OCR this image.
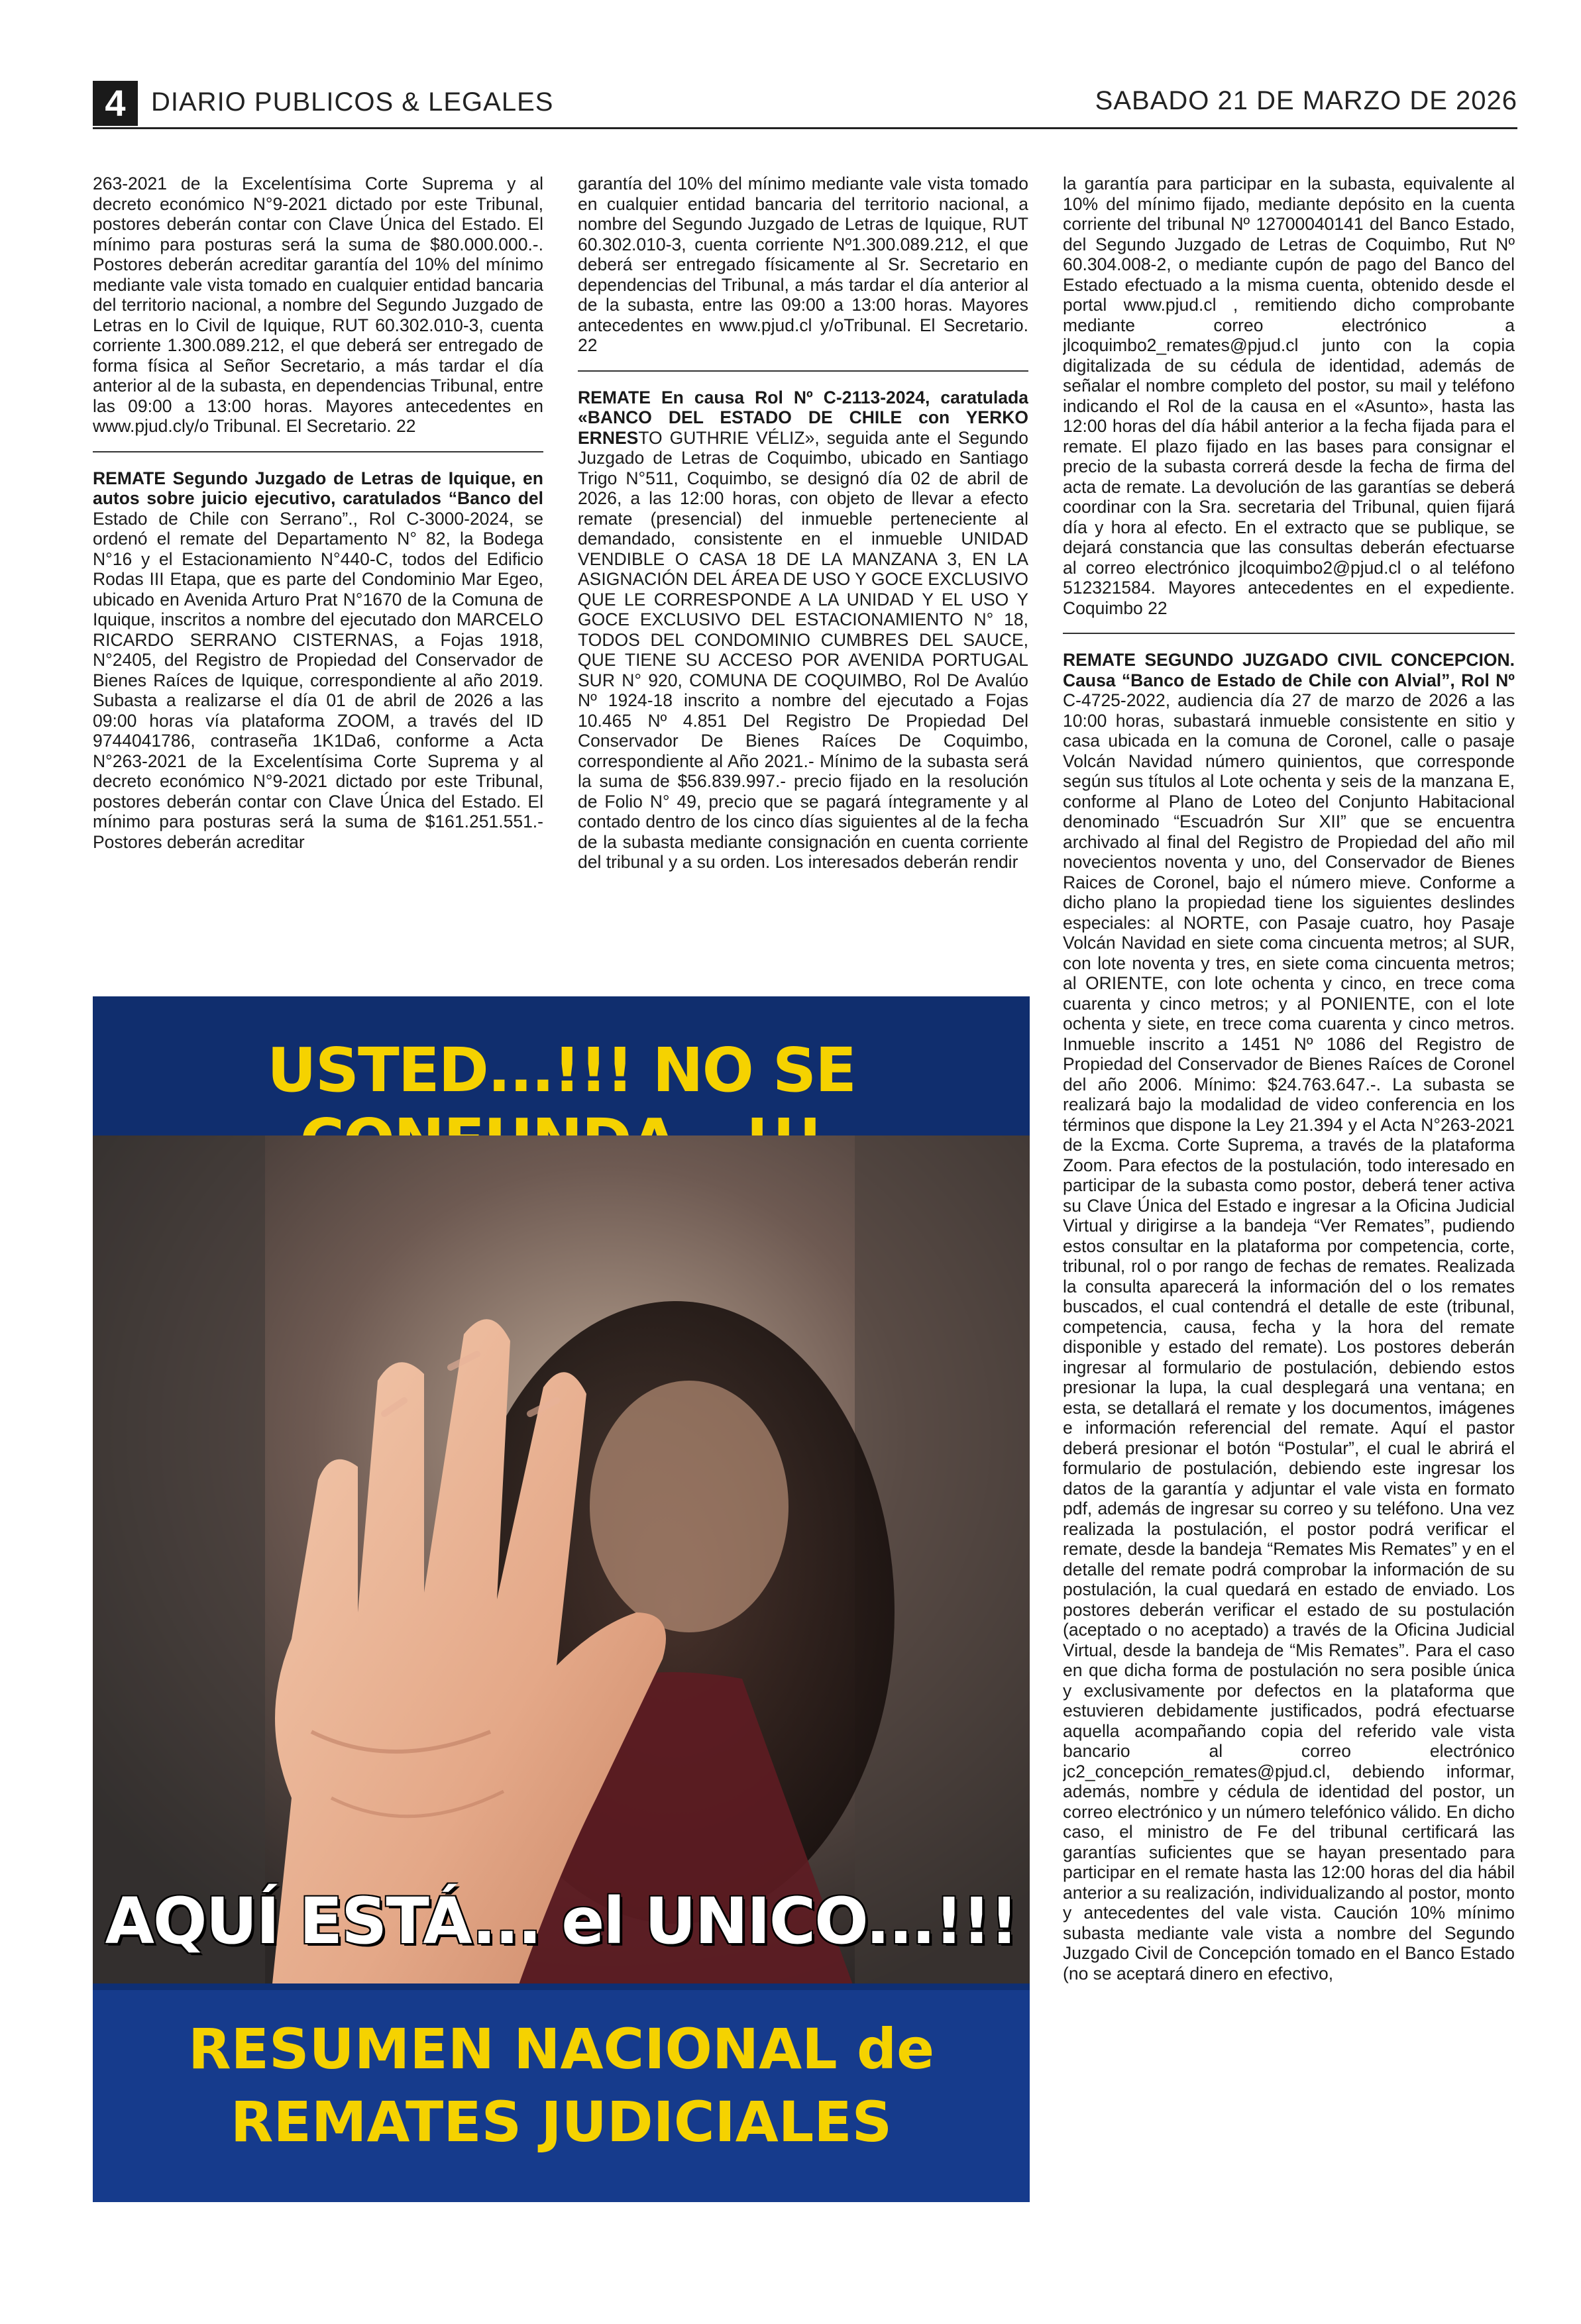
4 DIARIO PUBLICOS & LEGALES	SABADO 21 DE MARZO DE 2026

263-2021 de la Excelentísima Corte Suprema y al decreto económico N°9-2021 dictado por este Tribunal, postores deberán contar con Clave Única del Estado. El mínimo para posturas será la suma de $80.000.000.-. Postores deberán acreditar garantía del 10% del mínimo mediante vale vista tomado en cualquier entidad bancaria del territorio nacional, a nombre del Segundo Juzgado de Letras en lo Civil de Iquique, RUT 60.302.010-3, cuenta corriente 1.300.089.212, el que deberá ser entregado de forma física al Señor Secretario, a más tardar el día anterior al de la subasta, en dependencias Tribunal, entre las 09:00 a 13:00 horas. Mayores antecedentes en www.pjud.cly/o Tribunal. El Secretario. 22

REMATE Segundo Juzgado de Letras de Iquique, en autos sobre juicio ejecutivo, caratulados “Banco del Estado de Chile con Serrano”., Rol C-3000-2024, se ordenó el remate del Departamento N° 82, la Bodega N°16 y el Estacionamiento N°440-C, todos del Edificio Rodas III Etapa, que es parte del Condominio Mar Egeo, ubicado en Avenida Arturo Prat N°1670 de la Comuna de Iquique, inscritos a nombre del ejecutado don MARCELO RICARDO SERRANO CISTERNAS, a Fojas 1918, N°2405, del Registro de Propiedad del Conservador de Bienes Raíces de Iquique, correspondiente al año 2019. Subasta a realizarse el día 01 de abril de 2026 a las 09:00 horas vía plataforma ZOOM, a través del ID 9744041786, contraseña 1K1Da6, conforme a Acta N°263-2021 de la Excelentísima Corte Suprema y al decreto económico N°9-2021 dictado por este Tribunal, postores deberán contar con Clave Única del Estado. El mínimo para posturas será la suma de $161.251.551.- Postores deberán acreditar

garantía del 10% del mínimo mediante vale vista tomado en cualquier entidad bancaria del territorio nacional, a nombre del Segundo Juzgado de Letras de Iquique, RUT 60.302.010-3, cuenta corriente Nº1.300.089.212, el que deberá ser entregado físicamente al Sr. Secretario en dependencias del Tribunal, a más tardar el día anterior al de la subasta, entre las 09:00 a 13:00 horas. Mayores antecedentes en www.pjud.cl y/oTribunal. El Secretario. 22

REMATE En causa Rol Nº C-2113-2024, caratulada «BANCO DEL ESTADO DE CHILE con YERKO ERNESTO GUTHRIE VÉLIZ», seguida ante el Segundo Juzgado de Letras de Coquimbo, ubicado en Santiago Trigo N°511, Coquimbo, se designó día 02 de abril de 2026, a las 12:00 horas, con objeto de llevar a efecto remate (presencial) del inmueble perteneciente al demandado, consistente en el inmueble UNIDAD VENDIBLE O CASA 18 DE LA MANZANA 3, EN LA ASIGNACIÓN DEL ÁREA DE USO Y GOCE EXCLUSIVO QUE LE CORRESPONDE A LA UNIDAD Y EL USO Y GOCE EXCLUSIVO DEL ESTACIONAMIENTO N° 18, TODOS DEL CONDOMINIO CUMBRES DEL SAUCE, QUE TIENE SU ACCESO POR AVENIDA PORTUGAL SUR N° 920, COMUNA DE COQUIMBO, Rol De Avalúo Nº 1924-18 inscrito a nombre del ejecutado a Fojas 10.465 Nº 4.851 Del Registro De Propiedad Del Conservador De Bienes Raíces De Coquimbo, correspondiente al Año 2021.- Mínimo de la subasta será la suma de $56.839.997.- precio fijado en la resolución de Folio N° 49, precio que se pagará íntegramente y al contado dentro de los cinco días siguientes al de la fecha de la subasta mediante consignación en cuenta corriente del tribunal y a su orden. Los interesados deberán rendir

la garantía para participar en la subasta, equivalente al 10% del mínimo fijado, mediante depósito en la cuenta corriente del tribunal Nº 12700040141 del Banco Estado, del Segundo Juzgado de Letras de Coquimbo, Rut Nº 60.304.008-2, o mediante cupón de pago del Banco del Estado efectuado a la misma cuenta, obtenido desde el portal www.pjud.cl , remitiendo dicho comprobante mediante correo electrónico a jlcoquimbo2_remates@pjud.cl junto con la copia digitalizada de su cédula de identidad, además de señalar el nombre completo del postor, su mail y teléfono indicando el Rol de la causa en el «Asunto», hasta las 12:00 horas del día hábil anterior a la fecha fijada para el remate. El plazo fijado en las bases para consignar el precio de la subasta correrá desde la fecha de firma del acta de remate. La devolución de las garantías se deberá coordinar con la Sra. secretaria del Tribunal, quien fijará día y hora al efecto. En el extracto que se publique, se dejará constancia que las consultas deberán efectuarse al correo electrónico jlcoquimbo2@pjud.cl o al teléfono 512321584. Mayores antecedentes en el expediente. Coquimbo 22

REMATE SEGUNDO JUZGADO CIVIL CONCEPCION. Causa “Banco de Estado de Chile con Alvial”, Rol Nº C-4725-2022, audiencia día 27 de marzo de 2026 a las 10:00 horas, subastará inmueble consistente en sitio y casa ubicada en la comuna de Coronel, calle o pasaje Volcán Navidad número quinientos, que corresponde según sus títulos al Lote ochenta y seis de la manzana E, conforme al Plano de Loteo del Conjunto Habitacional denominado “Escuadrón Sur XII” que se encuentra archivado al final del Registro de Propiedad del año mil novecientos noventa y uno, del Conservador de Bienes Raices de Coronel, bajo el número mieve. Conforme a dicho plano la propiedad tiene los siguientes deslindes especiales: al NORTE, con Pasaje cuatro, hoy Pasaje Volcán Navidad en siete coma cincuenta metros; al SUR, con lote noventa y tres, en siete coma cincuenta metros; al ORIENTE, con lote ochenta y cinco, en trece coma cuarenta y cinco metros; y al PONIENTE, con el lote ochenta y siete, en trece coma cuarenta y cinco metros. Inmueble inscrito a 1451 Nº 1086 del Registro de Propiedad del Conservador de Bienes Raíces de Coronel del año 2006. Mínimo: $24.763.647.-. La subasta se realizará bajo la modalidad de video conferencia en los términos que dispone la Ley 21.394 y el Acta N°263-2021 de la Excma. Corte Suprema, a través de la plataforma Zoom. Para efectos de la postulación, todo interesado en participar de la subasta como postor, deberá tener activa su Clave Única del Estado e ingresar a la Oficina Judicial Virtual y dirigirse a la bandeja “Ver Remates”, pudiendo estos consultar en la plataforma por competencia, corte, tribunal, rol o por rango de fechas de remates. Realizada la consulta aparecerá la información del o los remates buscados, el cual contendrá el detalle de este (tribunal, competencia, causa, fecha y la hora del remate disponible y estado del remate). Los postores deberán ingresar al formulario de postulación, debiendo estos presionar la lupa, la cual desplegará una ventana; en esta, se detallará el remate y los documentos, imágenes e información referencial del remate. Aquí el pastor deberá presionar el botón “Postular”, el cual le abrirá el formulario de postulación, debiendo este ingresar los datos de la garantía y adjuntar el vale vista en formato pdf, además de ingresar su correo y su teléfono. Una vez realizada la postulación, el postor podrá verificar el remate, desde la bandeja “Remates Mis Remates” y en el detalle del remate podrá comprobar la información de su postulación, la cual quedará en estado de enviado. Los postores deberán verificar el estado de su postulación (aceptado o no aceptado) a través de la Oficina Judicial Virtual, desde la bandeja de “Mis Remates”. Para el caso en que dicha forma de postulación no sera posible única y exclusivamente por defectos en la plataforma que estuvieren debidamente justificados, podrá efectuarse aquella acompañando copia del referido vale vista bancario al correo electrónico jc2_concepción_remates@pjud.cl, debiendo informar, además, nombre y cédula de identidad del postor, un correo electrónico y un número telefónico válido. En dicho caso, el ministro de Fe del tribunal certificará las garantías suficientes que se hayan presentado para participar en el remate hasta las 12:00 horas del dia hábil anterior a su realización, individualizando al postor, monto y antecedentes del vale vista. Caución 10% mínimo subasta mediante vale vista a nombre del Segundo Juzgado Civil de Concepción tomado en el Banco Estado (no se aceptará dinero en efectivo,

USTED...!!! NO SE
AQUÍ ESTÁ... el UNICO...!!!
RESUMEN NACIONAL de
REMATES JUDICIALES
